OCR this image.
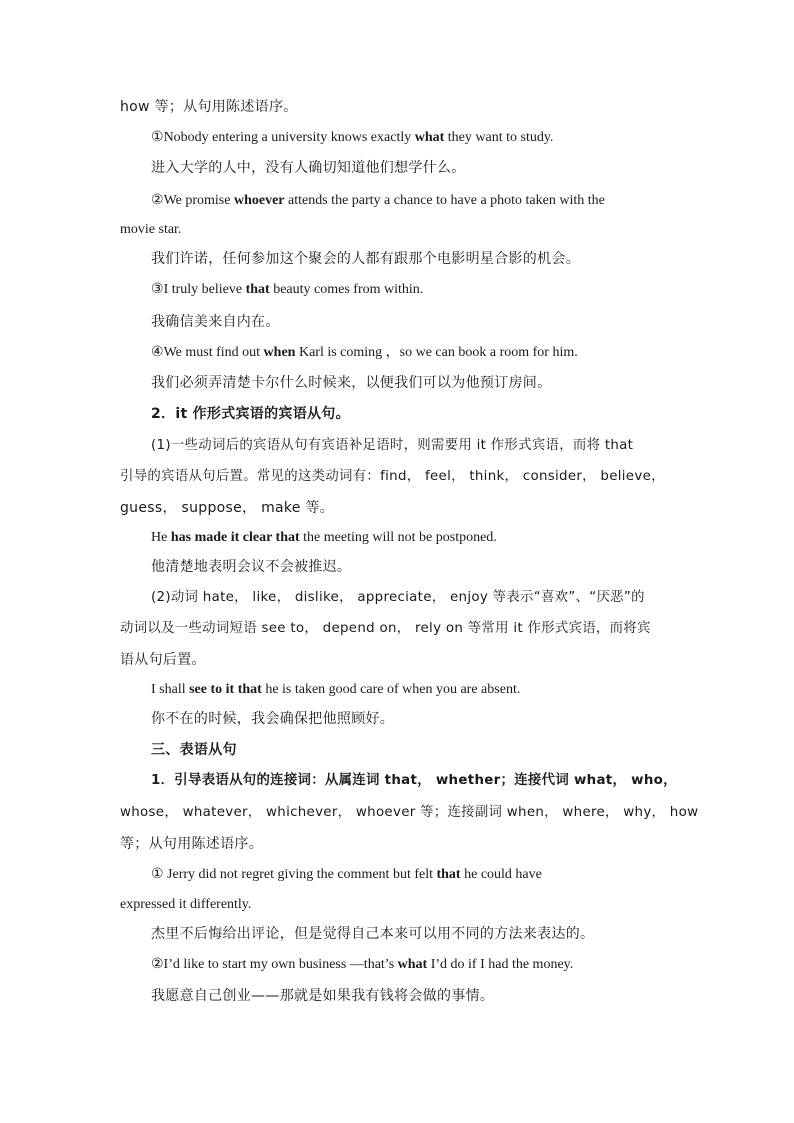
how 等；从句用陈述语序。
①Nobody entering a university knows exactly what they want to study.
进入大学的人中，没有人确切知道他们想学什么。
②We promise whoever attends the party a chance to have a photo taken with the
movie star.
我们许诺，任何参加这个聚会的人都有跟那个电影明星合影的机会。
③I truly believe that beauty comes from within.
我确信美来自内在。
④We must find out when Karl is coming ，so we can book a room for him.
我们必须弄清楚卡尔什么时候来，以便我们可以为他预订房间。
2．it 作形式宾语的宾语从句。
(1)一些动词后的宾语从句有宾语补足语时，则需要用 it 作形式宾语，而将 that
引导的宾语从句后置。常见的这类动词有：find， feel， think， consider， believe，
guess， suppose， make 等。
He has made it clear that the meeting will not be postponed.
他清楚地表明会议不会被推迟。
(2)动词 hate， like， dislike， appreciate， enjoy 等表示“喜欢”、“厌恶”的
动词以及一些动词短语 see to， depend on， rely on 等常用 it 作形式宾语，而将宾
语从句后置。
I shall see to it that he is taken good care of when you are absent.
你不在的时候，我会确保把他照顾好。
三、表语从句
1．引导表语从句的连接词：从属连词 that， whether；连接代词 what， who，
whose， whatever， whichever， whoever 等；连接副词 when， where， why， how
等；从句用陈述语序。
① Jerry did not regret giving the comment but felt that he could have
expressed it differently.
杰里不后悔给出评论，但是觉得自己本来可以用不同的方法来表达的。
②I’d like to start my own business —that’s what I’d do if I had the money.
我愿意自己创业——那就是如果我有钱将会做的事情。
